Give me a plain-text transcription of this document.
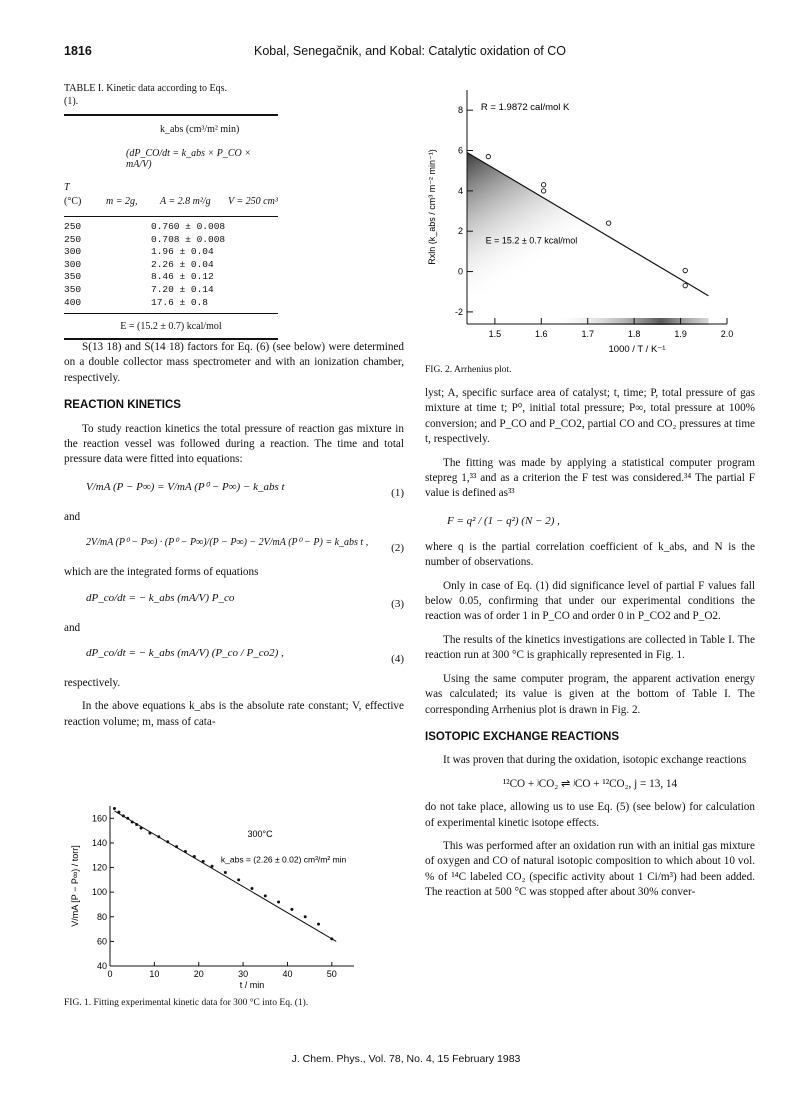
1816	Kobal, Senegačnik, and Kobal: Catalytic oxidation of CO
TABLE I. Kinetic data according to Eqs.
(1).
k_abs (cm³/m² min)
(dP_CO/dt = k_abs × P_CO × mA/V)
T
(°C) m = 2g, A = 2.8 m²/g V = 250 cm³
250	0.760 ± 0.008
250	0.708 ± 0.008
300	1.96 ± 0.04
300	2.26 ± 0.04
350	8.46 ± 0.12
350	7.20 ± 0.14
400	17.6 ± 0.8
E = (15.2 ± 0.7) kcal/mol

S(13 18) and S(14 18) factors for Eq. (6) (see below) were determined on a double collector mass spectrometer and with an ionization chamber, respectively.

REACTION KINETICS

To study reaction kinetics the total pressure of reaction gas mixture in the reaction vessel was followed during a reaction. The time and total pressure data were fitted into equations:

V/mA (P − P∞) = V/mA (P⁰ − P∞) − k_abs t	(1)
and
2V/mA (P⁰ − P∞) · (P⁰ − P∞)/(P − P∞) − 2V/mA (P⁰ − P) = k_abs t , (2)
which are the integrated forms of equations
dP_co/dt = − k_abs (mA/V) P_co	(3)
and
dP_co/dt = − k_abs (mA/V) (P_co / P_co2) ,	(4)
respectively.

In the above equations k_abs is the absolute rate constant; V, effective reaction volume; m, mass of cata-

0	10	20	30	40	50
40
60
80
100
120
140
160
t / min
V/mA [P − P∞) / torr]
300°C
k_abs = (2.26 ± 0.02) cm³/m² min
FIG. 1. Fitting experimental kinetic data for 300 °C into Eq. (1).
1.5	1.6	1.7	1.8	1.9	2.0
-2
0
2
4
6
8
1000 / T / K⁻¹
Rxln (k_abs / cm³ m⁻² min⁻¹)
R = 1.9872 cal/mol K
E = 15.2 ± 0.7 kcal/mol
FIG. 2. Arrhenius plot.

lyst; A, specific surface area of catalyst; t, time; P, total pressure of gas mixture at time t; P⁰, initial total pressure; P∞, total pressure at 100% conversion; and P_CO and P_CO2, partial CO and CO₂ pressures at time t, respectively.

The fitting was made by applying a statistical computer program stepreg 1,³³ and as a criterion the F test was considered.³⁴ The partial F value is defined as³³

F = q² / (1 − q²) (N − 2) ,

where q is the partial correlation coefficient of k_abs, and N is the number of observations.

Only in case of Eq. (1) did significance level of partial F values fall below 0.05, confirming that under our experimental conditions the reaction was of order 1 in P_CO and order 0 in P_CO2 and P_O2.

The results of the kinetics investigations are collected in Table I. The reaction run at 300 °C is graphically represented in Fig. 1.

Using the same computer program, the apparent activation energy was calculated; its value is given at the bottom of Table I. The corresponding Arrhenius plot is drawn in Fig. 2.

ISOTOPIC EXCHANGE REACTIONS

It was proven that during the oxidation, isotopic exchange reactions

¹²CO + ʲCO₂ ⇌ ʲCO + ¹²CO₂, j = 13, 14

do not take place, allowing us to use Eq. (5) (see below) for calculation of experimental kinetic isotope effects.

This was performed after an oxidation run with an initial gas mixture of oxygen and CO of natural isotopic composition to which about 10 vol. % of ¹⁴C labeled CO₂ (specific activity about 1 Ci/m³) had been added. The reaction at 500 °C was stopped after about 30% conver-

J. Chem. Phys., Vol. 78, No. 4, 15 February 1983
